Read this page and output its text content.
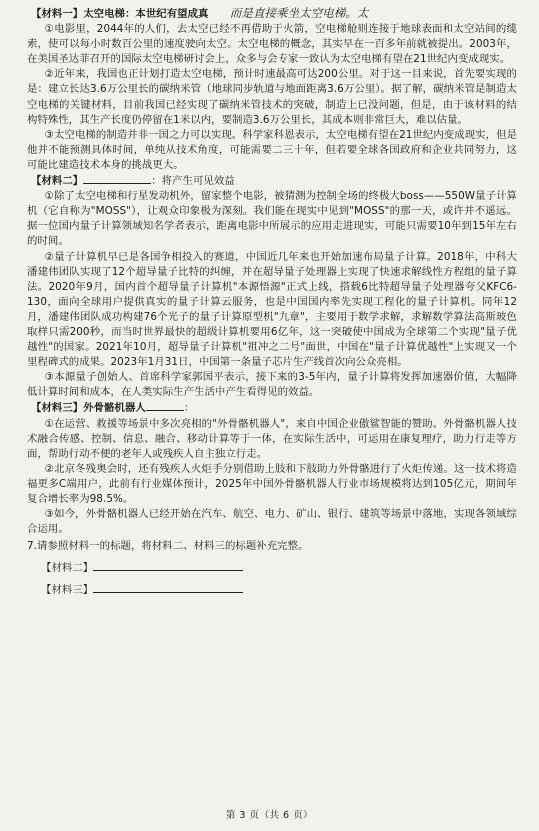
【材料一】太空电梯：本世纪有望成真 而是直接乘坐太空电梯。太

①电影里，2044年的人们，去太空已经不再借助于火箭，空电梯舱则连接于地球表面和太空站间的缆索，使可以每小时数百公里的速度驶向太空。太空电梯的概念，其实早在一百多年前就被提出。2003年，在美国圣达菲召开的国际太空电梯研讨会上，众多与会专家一致认为太空电梯有望在21世纪内变成现实。

②近年来，我国也正计划打造太空电梯，预计时速最高可达200公里。对于这一目来说，首先要实现的是：建立长达3.6万公里长的碳纳米管（地球同步轨道与地面距离3.6万公里）。据了解，碳纳米管是制造太空电梯的关键材料，目前我国已经实现了碳纳米管技术的突破，制造上已没问题，但是，由于该材料的结构特殊性，其生产长度仍停留在1米以内，要制造3.6万公里长，其成本则非常巨大，难以估量。

③太空电梯的制造并非一国之力可以实现。科学家科恩表示，太空电梯有望在21世纪内变成现实，但是他并不能预测具体时间，单纯从技术角度，可能需要二三十年，但若要全球各国政府和企业共同努力，这可能比建造技术本身的挑战更大。

【材料二】	：将产生可见效益

①除了太空电梯和行星发动机外，留家整个电影，被猜测为控制全场的终极大boss——550W量子计算机（它自称为"MOSS"），让观众印象极为深刻。我们能在现实中见到"MOSS"的那一天，或许并不遥远。据一位国内量子计算领域知名学者表示，距离电影中所展示的应用走进现实，可能只需要10年到15年左右的时间。

②量子计算机早已是各国争相投入的赛道，中国近几年来也开始加速布局量子计算。2018年，中科大潘建伟团队实现了12个超导量子比特的纠缠，并在超导量子处理器上实现了快速求解线性方程组的量子算法。2020年9月，国内首个超导量子计算机"本源悟源"正式上线，搭载6比特超导量子处理器夸父KFC6-130，面向全球用户提供真实的量子计算云服务，也是中国国内率先实现工程化的量子计算机。同年12月，潘建伟团队成功构建76个光子的量子计算原型机"九章"，主要用于数学求解，求解数学算法高斯玻色取样只需200秒，而当时世界最快的超级计算机要用6亿年，这一突破使中国成为全球第二个实现"量子优越性"的国家。2021年10月，超导量子计算机"祖冲之二号"面世，中国在"量子计算优越性"上实现又一个里程碑式的成果。2023年1月31日，中国第一条量子芯片生产线首次向公众亮相。

③本源量子创始人、首席科学家郭国平表示，接下来的3-5年内，量子计算将发挥加速器价值，大幅降低计算时间和成本，在人类实际生产生活中产生看得见的效益。

【材料三】外骨骼机器人	：

①在运营、救援等场景中多次亮相的"外骨骼机器人"，来自中国企业傲鲨智能的赞助。外骨骼机器人技术融合传感、控制、信息、融合、移动计算等于一体，在实际生活中，可运用在康复理疗，助力行走等方面，帮助行动不便的老年人或残疾人自主独立行走。

②北京冬残奥会时，还有残疾人火炬手分别借助上肢和下肢助力外骨骼进行了火炬传递。这一技术将造福更多C端用户，此前有行业媒体预计，2025年中国外骨骼机器人行业市场规模将达到105亿元，期间年复合增长率为98.5%。

③如今，外骨骼机器人已经开始在汽车、航空、电力、矿山、银行、建筑等场景中落地，实现各领域综合运用。

7.请参照材料一的标题，将材料二、材料三的标题补充完整。

【材料二】

【材料三】

第 3 页（共 6 页）
